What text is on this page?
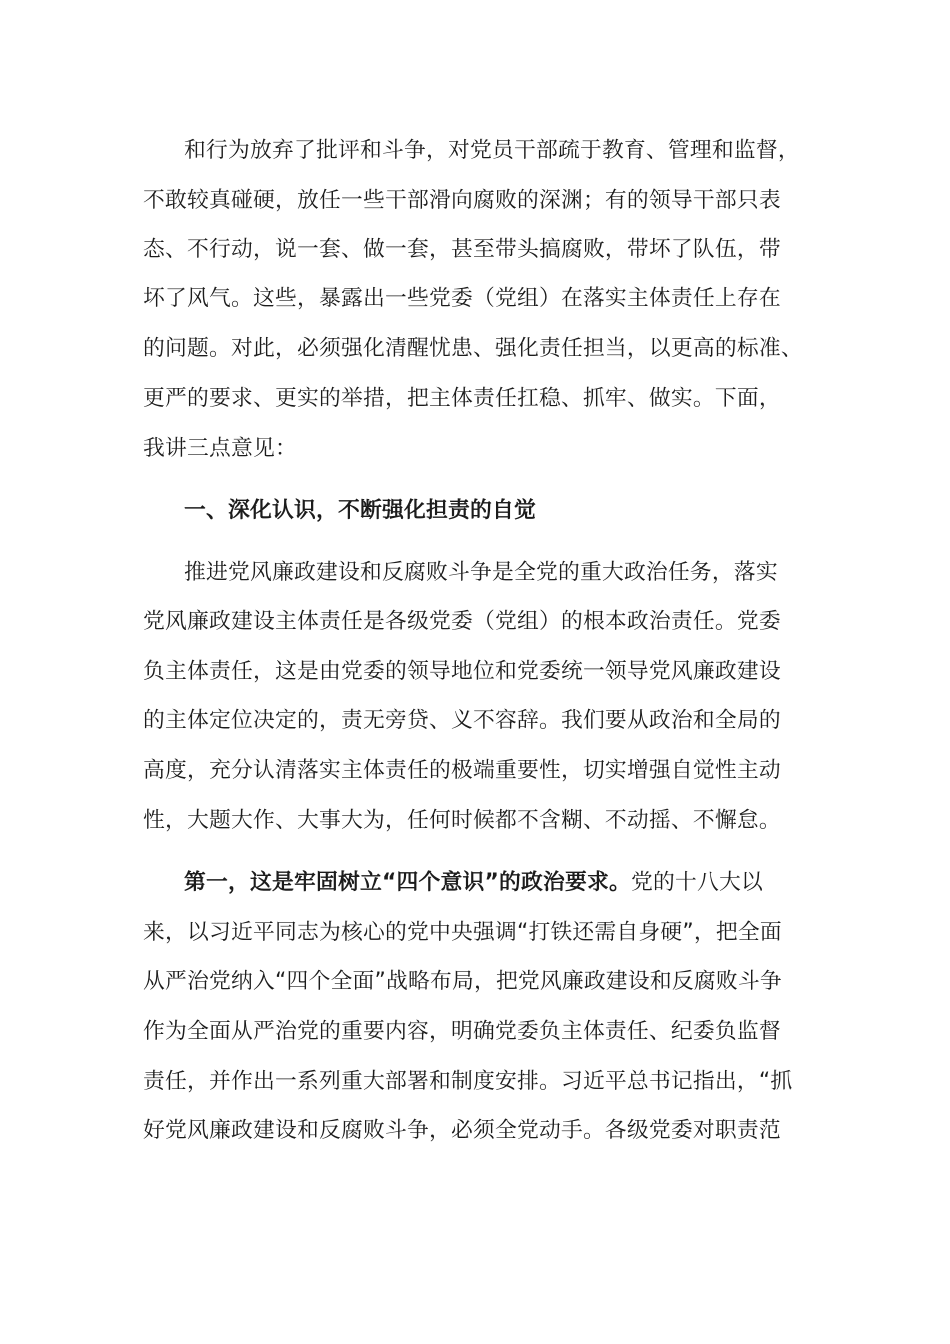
和行为放弃了批评和斗争，对党员干部疏于教育、管理和监督，
不敢较真碰硬，放任一些干部滑向腐败的深渊；有的领导干部只表
态、不行动，说一套、做一套，甚至带头搞腐败，带坏了队伍，带
坏了风气。这些，暴露出一些党委（党组）在落实主体责任上存在
的问题。对此，必须强化清醒忧患、强化责任担当，以更高的标准、
更严的要求、更实的举措，把主体责任扛稳、抓牢、做实。下面，
我讲三点意见：
一、深化认识，不断强化担责的自觉
推进党风廉政建设和反腐败斗争是全党的重大政治任务，落实
党风廉政建设主体责任是各级党委（党组）的根本政治责任。党委
负主体责任，这是由党委的领导地位和党委统一领导党风廉政建设
的主体定位决定的，责无旁贷、义不容辞。我们要从政治和全局的
高度，充分认清落实主体责任的极端重要性，切实增强自觉性主动
性，大题大作、大事大为，任何时候都不含糊、不动摇、不懈怠。
第一，这是牢固树立“四个意识”的政治要求。党的十八大以
来，以习近平同志为核心的党中央强调“打铁还需自身硬”，把全面
从严治党纳入“四个全面”战略布局，把党风廉政建设和反腐败斗争
作为全面从严治党的重要内容，明确党委负主体责任、纪委负监督
责任，并作出一系列重大部署和制度安排。习近平总书记指出，“抓
好党风廉政建设和反腐败斗争，必须全党动手。各级党委对职责范
